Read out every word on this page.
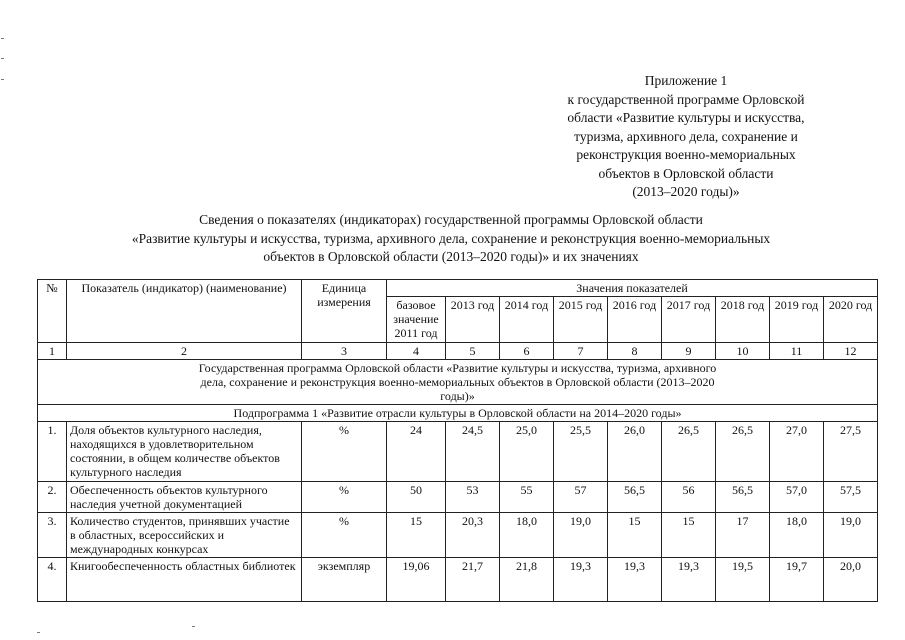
Приложение 1
к государственной программе Орловской
области «Развитие культуры и искусства,
туризма, архивного дела, сохранение и
реконструкция военно-мемориальных
объектов в Орловской области
(2013–2020 годы)»
Сведения о показателях (индикаторах) государственной программы Орловской области
«Развитие культуры и искусства, туризма, архивного дела, сохранение и реконструкция военно-мемориальных
объектов в Орловской области (2013–2020 годы)» и их значениях
№	Показатель (индикатор) (наименование)	Единица измерения	Значения показателей								
			базовое значение 2011 год	2013 год	2014 год	2015 год	2016 год	2017 год	2018 год	2019 год	2020 год
1	2	3	4	5	6	7	8	9	10	11	12
Государственная программа Орловской области «Развитие культуры и искусства, туризма, архивного дела, сохранение и реконструкция военно-мемориальных объектов в Орловской области (2013–2020 годы)»											
Подпрограмма 1 «Развитие отрасли культуры в Орловской области на 2014–2020 годы»											
1.	Доля объектов культурного наследия, находящихся в удовлетворительном состоянии, в общем количестве объектов культурного наследия	%	24	24,5	25,0	25,5	26,0	26,5	26,5	27,0	27,5
2.	Обеспеченность объектов культурного наследия учетной документацией	%	50	53	55	57	56,5	56	56,5	57,0	57,5
3.	Количество студентов, принявших участие в областных, всероссийских и международных конкурсах	%	15	20,3	18,0	19,0	15	15	17	18,0	19,0
4.	Книгообеспеченность областных библиотек	экземпляр	19,06	21,7	21,8	19,3	19,3	19,3	19,5	19,7	20,0
